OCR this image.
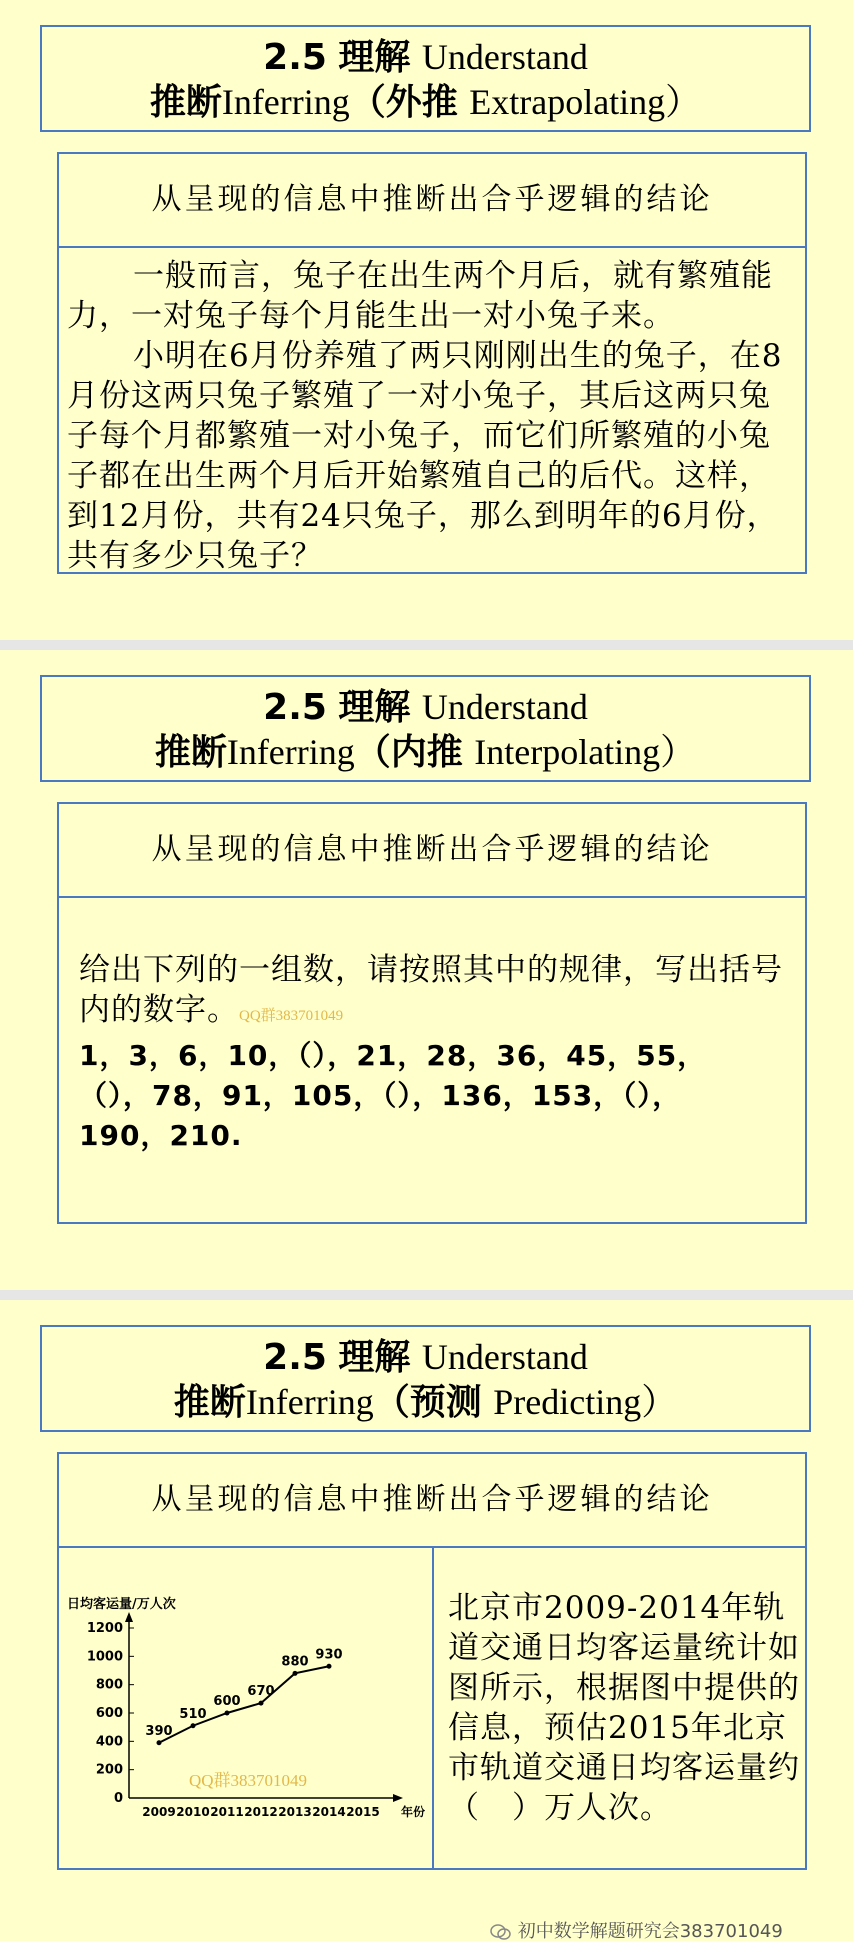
2.5 理解 Understand
推断Inferring（外推 Extrapolating）
从呈现的信息中推断出合乎逻辑的结论

一般而言，兔子在出生两个月后，就有繁殖能力，一对兔子每个月能生出一对小兔子来。

小明在6月份养殖了两只刚刚出生的兔子，在8月份这两只兔子繁殖了一对小兔子，其后这两只兔子每个月都繁殖一对小兔子，而它们所繁殖的小兔子都在出生两个月后开始繁殖自己的后代。这样，到12月份，共有24只兔子，那么到明年的6月份，共有多少只兔子？

2.5 理解 Understand
推断Inferring（内推 Interpolating）
从呈现的信息中推断出合乎逻辑的结论

给出下列的一组数，请按照其中的规律，写出括号内的数字。QQ群383701049

1，3，6，10，（），21，28，36，45，55，

（），78，91，105，（），136，153，（），

190，210.

2.5 理解 Understand
推断Inferring（预测 Predicting）
从呈现的信息中推断出合乎逻辑的结论
日均客运量/万人次
0
200
400
600
800
1000
1200
2009 2010 2011 2012 2013 2014 2015 年份
390
510
600
670
880 930
QQ群383701049
北京市2009-2014年轨道交通日均客运量统计如图所示，根据图中提供的信息，预估2015年北京市轨道交通日均客运量约（　）万人次。
初中数学解题研究会383701049
